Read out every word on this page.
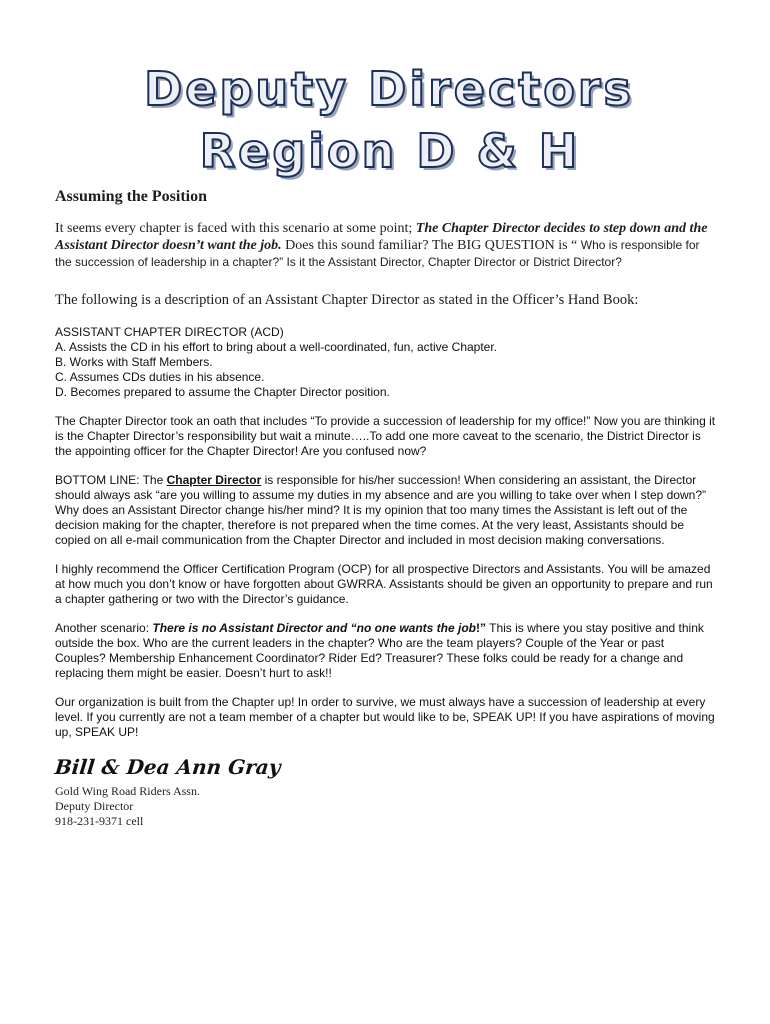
Deputy Directors
Region D & H
Assuming the Position

It seems every chapter is faced with this scenario at some point; The Chapter Director decides to step down and the Assistant Director doesn’t want the job. Does this sound familiar? The BIG QUESTION is “ Who is responsible for the succession of leadership in a chapter?” Is it the Assistant Director, Chapter Director or District Director?

The following is a description of an Assistant Chapter Director as stated in the Officer’s Hand Book:

ASSISTANT CHAPTER DIRECTOR (ACD)
A. Assists the CD in his effort to bring about a well-coordinated, fun, active Chapter.
B. Works with Staff Members.
C. Assumes CDs duties in his absence.
D. Becomes prepared to assume the Chapter Director position.

The Chapter Director took an oath that includes “To provide a succession of leadership for my office!” Now you are thinking it is the Chapter Director’s responsibility but wait a minute…..To add one more caveat to the scenario, the District Director is the appointing officer for the Chapter Director! Are you confused now?

BOTTOM LINE: The Chapter Director is responsible for his/her succession! When considering an assistant, the Director should always ask “are you willing to assume my duties in my absence and are you willing to take over when I step down?” Why does an Assistant Director change his/her mind? It is my opinion that too many times the Assistant is left out of the decision making for the chapter, therefore is not prepared when the time comes. At the very least, Assistants should be copied on all e-mail communication from the Chapter Director and included in most decision making conversations.

I highly recommend the Officer Certification Program (OCP) for all prospective Directors and Assistants. You will be amazed at how much you don’t know or have forgotten about GWRRA. Assistants should be given an opportunity to prepare and run a chapter gathering or two with the Director’s guidance.

Another scenario: There is no Assistant Director and “no one wants the job!” This is where you stay positive and think outside the box. Who are the current leaders in the chapter? Who are the team players? Couple of the Year or past Couples? Membership Enhancement Coordinator? Rider Ed? Treasurer? These folks could be ready for a change and replacing them might be easier. Doesn’t hurt to ask!!

Our organization is built from the Chapter up! In order to survive, we must always have a succession of leadership at every level. If you currently are not a team member of a chapter but would like to be, SPEAK UP! If you have aspirations of moving up, SPEAK UP!

Bill & Dea Ann Gray
Gold Wing Road Riders Assn.
Deputy Director
918-231-9371 cell
